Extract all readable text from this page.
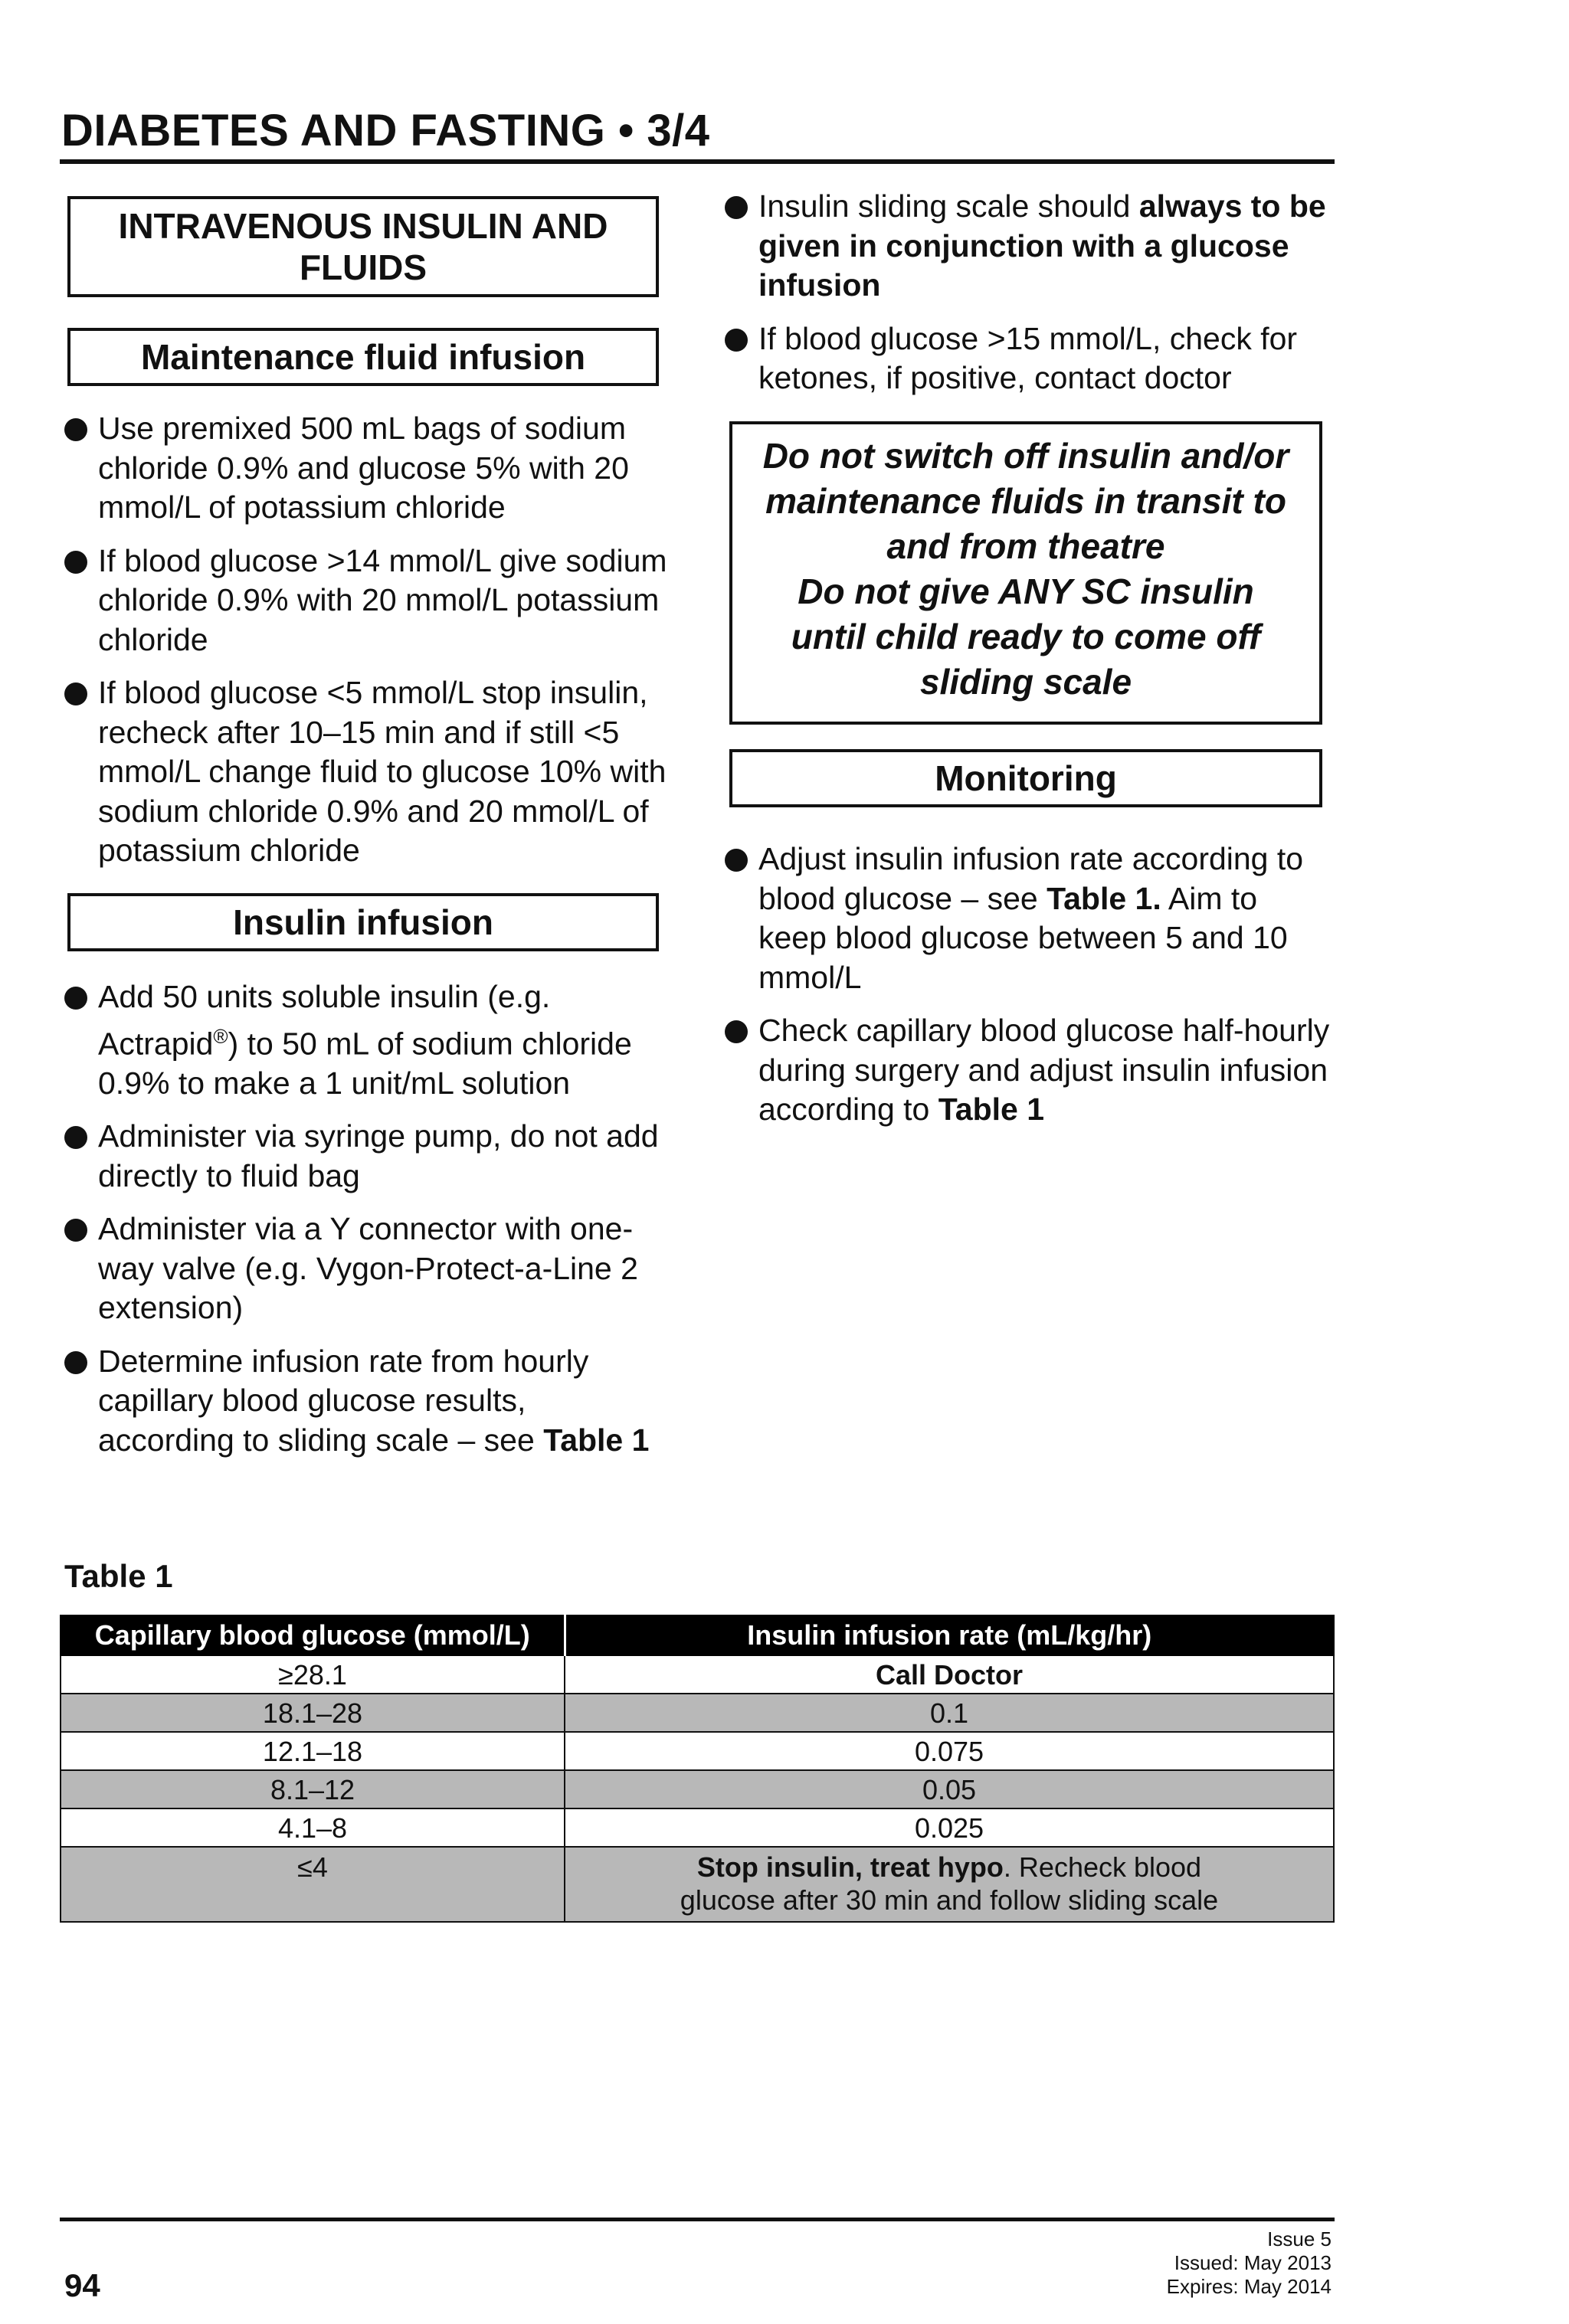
DIABETES AND FASTING • 3/4
INTRAVENOUS INSULIN AND
FLUIDS
Maintenance fluid infusion
Use premixed 500 mL bags of sodium chloride 0.9% and glucose 5% with 20 mmol/L of potassium chloride
If blood glucose >14 mmol/L give sodium chloride 0.9% with 20 mmol/L potassium chloride
If blood glucose <5 mmol/L stop insulin, recheck after 10–15 min and if still <5 mmol/L change fluid to glucose 10% with sodium chloride 0.9% and 20 mmol/L of potassium chloride
Insulin infusion
Add 50 units soluble insulin (e.g. Actrapid®) to 50 mL of sodium chloride 0.9% to make a 1 unit/mL solution
Administer via syringe pump, do not add directly to fluid bag
Administer via a Y connector with one-way valve (e.g. Vygon-Protect-a-Line 2 extension)
Determine infusion rate from hourly capillary blood glucose results, according to sliding scale – see Table 1
Insulin sliding scale should always to be given in conjunction with a glucose infusion
If blood glucose >15 mmol/L, check for ketones, if positive, contact doctor
Do not switch off insulin and/or
maintenance fluids in transit to
and from theatre
Do not give ANY SC insulin
until child ready to come off
sliding scale
Monitoring
Adjust insulin infusion rate according to blood glucose – see Table 1. Aim to keep blood glucose between 5 and 10 mmol/L
Check capillary blood glucose half-hourly during surgery and adjust insulin infusion according to Table 1
Table 1
Capillary blood glucose (mmol/L)	Insulin infusion rate (mL/kg/hr)
≥28.1	Call Doctor
18.1–28	0.1
12.1–18	0.075
8.1–12	0.05
4.1–8	0.025
≤4	Stop insulin, treat hypo. Recheck blood
glucose after 30 min and follow sliding scale
94
Issue 5
Issued: May 2013
Expires: May 2014
